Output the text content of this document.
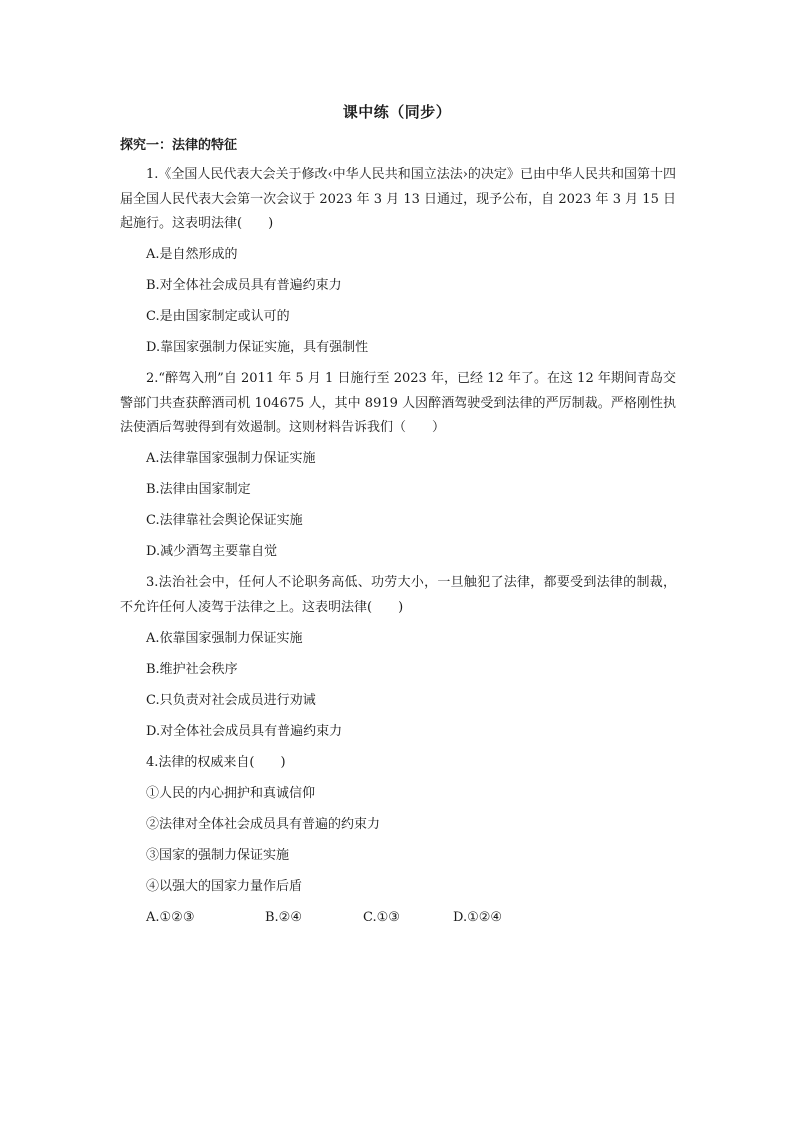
课中练（同步）
探究一：法律的特征

1.《全国人民代表大会关于修改‹中华人民共和国立法法›的决定》已由中华人民共和国第十四届全国人民代表大会第一次会议于 2023 年 3 月 13 日通过，现予公布，自 2023 年 3 月 15 日起施行。这表明法律(　　)

A.是自然形成的

B.对全体社会成员具有普遍约束力

C.是由国家制定或认可的

D.靠国家强制力保证实施，具有强制性

2.“醉驾入刑”自 2011 年 5 月 1 日施行至 2023 年，已经 12 年了。在这 12 年期间青岛交警部门共查获醉酒司机 104675 人，其中 8919 人因醉酒驾驶受到法律的严厉制裁。严格刚性执法使酒后驾驶得到有效遏制。这则材料告诉我们（　　）

A.法律靠国家强制力保证实施

B.法律由国家制定

C.法律靠社会舆论保证实施

D.减少酒驾主要靠自觉

3.法治社会中，任何人不论职务高低、功劳大小，一旦触犯了法律，都要受到法律的制裁，不允许任何人凌驾于法律之上。这表明法律(　　)

A.依靠国家强制力保证实施

B.维护社会秩序

C.只负责对社会成员进行劝诫

D.对全体社会成员具有普遍约束力

4.法律的权威来自(　　)

①人民的内心拥护和真诚信仰

②法律对全体社会成员具有普遍的约束力

③国家的强制力保证实施

④以强大的国家力量作后盾

A.①②③	B.②④	C.①③	D.①②④
